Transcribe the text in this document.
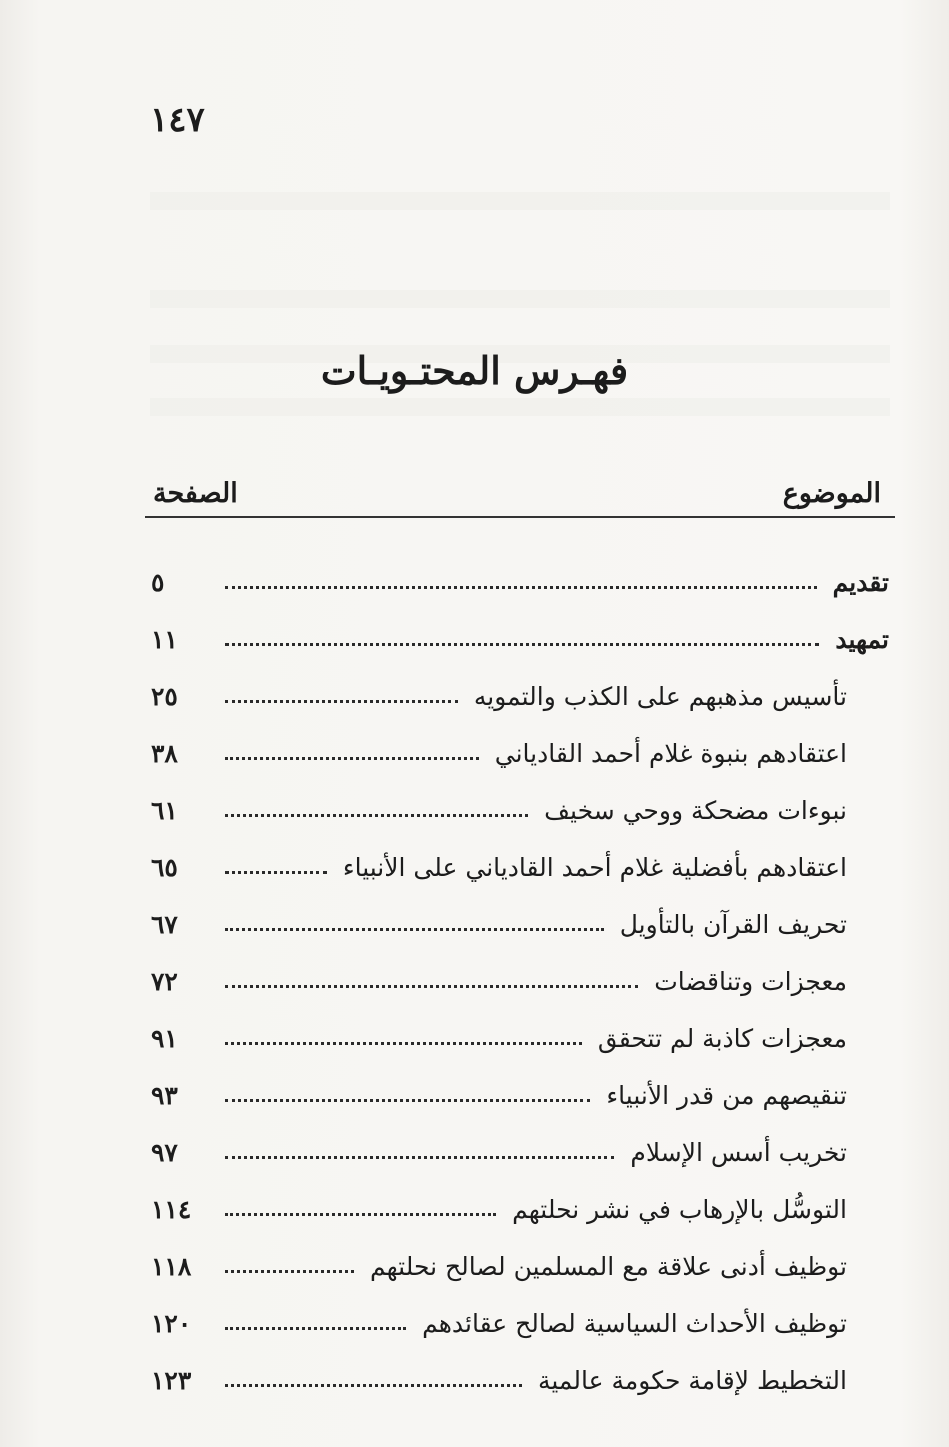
١٤٧
فهـرس المحتـويـات
الموضوع
الصفحة
تقديم
٥
تمهيد
١١
تأسيس مذهبهم على الكذب والتمويه
٢٥
اعتقادهم بنبوة غلام أحمد القادياني
٣٨
نبوءات مضحكة ووحي سخيف
٦١
اعتقادهم بأفضلية غلام أحمد القادياني على الأنبياء
٦٥
تحريف القرآن بالتأويل
٦٧
معجزات وتناقضات
٧٢
معجزات كاذبة لم تتحقق
٩١
تنقيصهم من قدر الأنبياء
٩٣
تخريب أسس الإسلام
٩٧
التوسُّل بالإرهاب في نشر نحلتهم
١١٤
توظيف أدنى علاقة مع المسلمين لصالح نحلتهم
١١٨
توظيف الأحداث السياسية لصالح عقائدهم
١٢٠
التخطيط لإقامة حكومة عالمية
١٢٣
